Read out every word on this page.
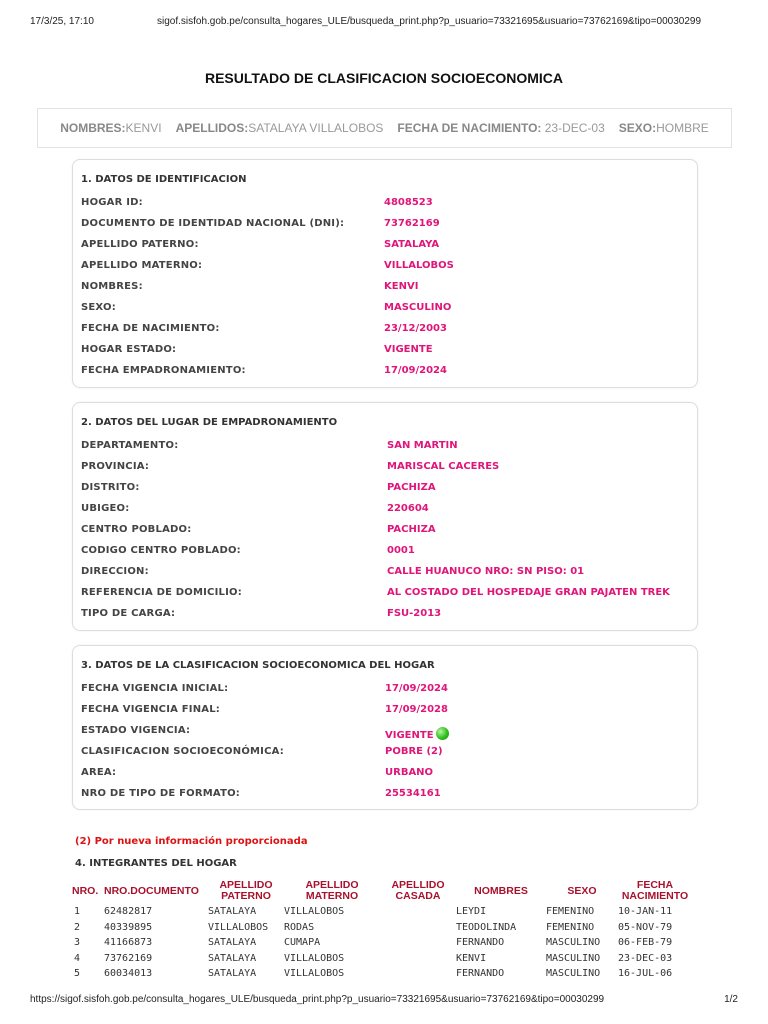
17/3/25, 17:10	sigof.sisfoh.gob.pe/consulta_hogares_ULE/busqueda_print.php?p_usuario=73321695&usuario=73762169&tipo=00030299
RESULTADO DE CLASIFICACION SOCIOECONOMICA
NOMBRES:KENVI APELLIDOS:SATALAYA VILLALOBOS FECHA DE NACIMIENTO: 23-DEC-03 SEXO:HOMBRE
1. DATOS DE IDENTIFICACION
HOGAR ID:	4808523
DOCUMENTO DE IDENTIDAD NACIONAL (DNI):	73762169
APELLIDO PATERNO:	SATALAYA
APELLIDO MATERNO:	VILLALOBOS
NOMBRES:	KENVI
SEXO:	MASCULINO
FECHA DE NACIMIENTO:	23/12/2003
HOGAR ESTADO:	VIGENTE
FECHA EMPADRONAMIENTO:	17/09/2024
2. DATOS DEL LUGAR DE EMPADRONAMIENTO
DEPARTAMENTO:	SAN MARTIN
PROVINCIA:	MARISCAL CACERES
DISTRITO:	PACHIZA
UBIGEO:	220604
CENTRO POBLADO:	PACHIZA
CODIGO CENTRO POBLADO:	0001
DIRECCION:	CALLE HUANUCO NRO: SN PISO: 01
REFERENCIA DE DOMICILIO:	AL COSTADO DEL HOSPEDAJE GRAN PAJATEN TREK
TIPO DE CARGA:	FSU-2013
3. DATOS DE LA CLASIFICACION SOCIOECONOMICA DEL HOGAR
FECHA VIGENCIA INICIAL:	17/09/2024
FECHA VIGENCIA FINAL:	17/09/2028
ESTADO VIGENCIA:	VIGENTE
CLASIFICACION SOCIOECONÓMICA:	POBRE (2)
AREA:	URBANO
NRO DE TIPO DE FORMATO:	25534161
(2) Por nueva información proporcionada
4. INTEGRANTES DEL HOGAR
NRO.	NRO.DOCUMENTO	APELLIDO PATERNO	APELLIDO MATERNO	APELLIDO CASADA	NOMBRES	SEXO	FECHA NACIMIENTO
1	62482817	SATALAYA	VILLALOBOS		LEYDI	FEMENINO	10-JAN-11
2	40339895	VILLALOBOS	RODAS		TEODOLINDA	FEMENINO	05-NOV-79
3	41166873	SATALAYA	CUMAPA		FERNANDO	MASCULINO	06-FEB-79
4	73762169	SATALAYA	VILLALOBOS		KENVI	MASCULINO	23-DEC-03
5	60034013	SATALAYA	VILLALOBOS		FERNANDO	MASCULINO	16-JUL-06
https://sigof.sisfoh.gob.pe/consulta_hogares_ULE/busqueda_print.php?p_usuario=73321695&usuario=73762169&tipo=00030299	1/2
